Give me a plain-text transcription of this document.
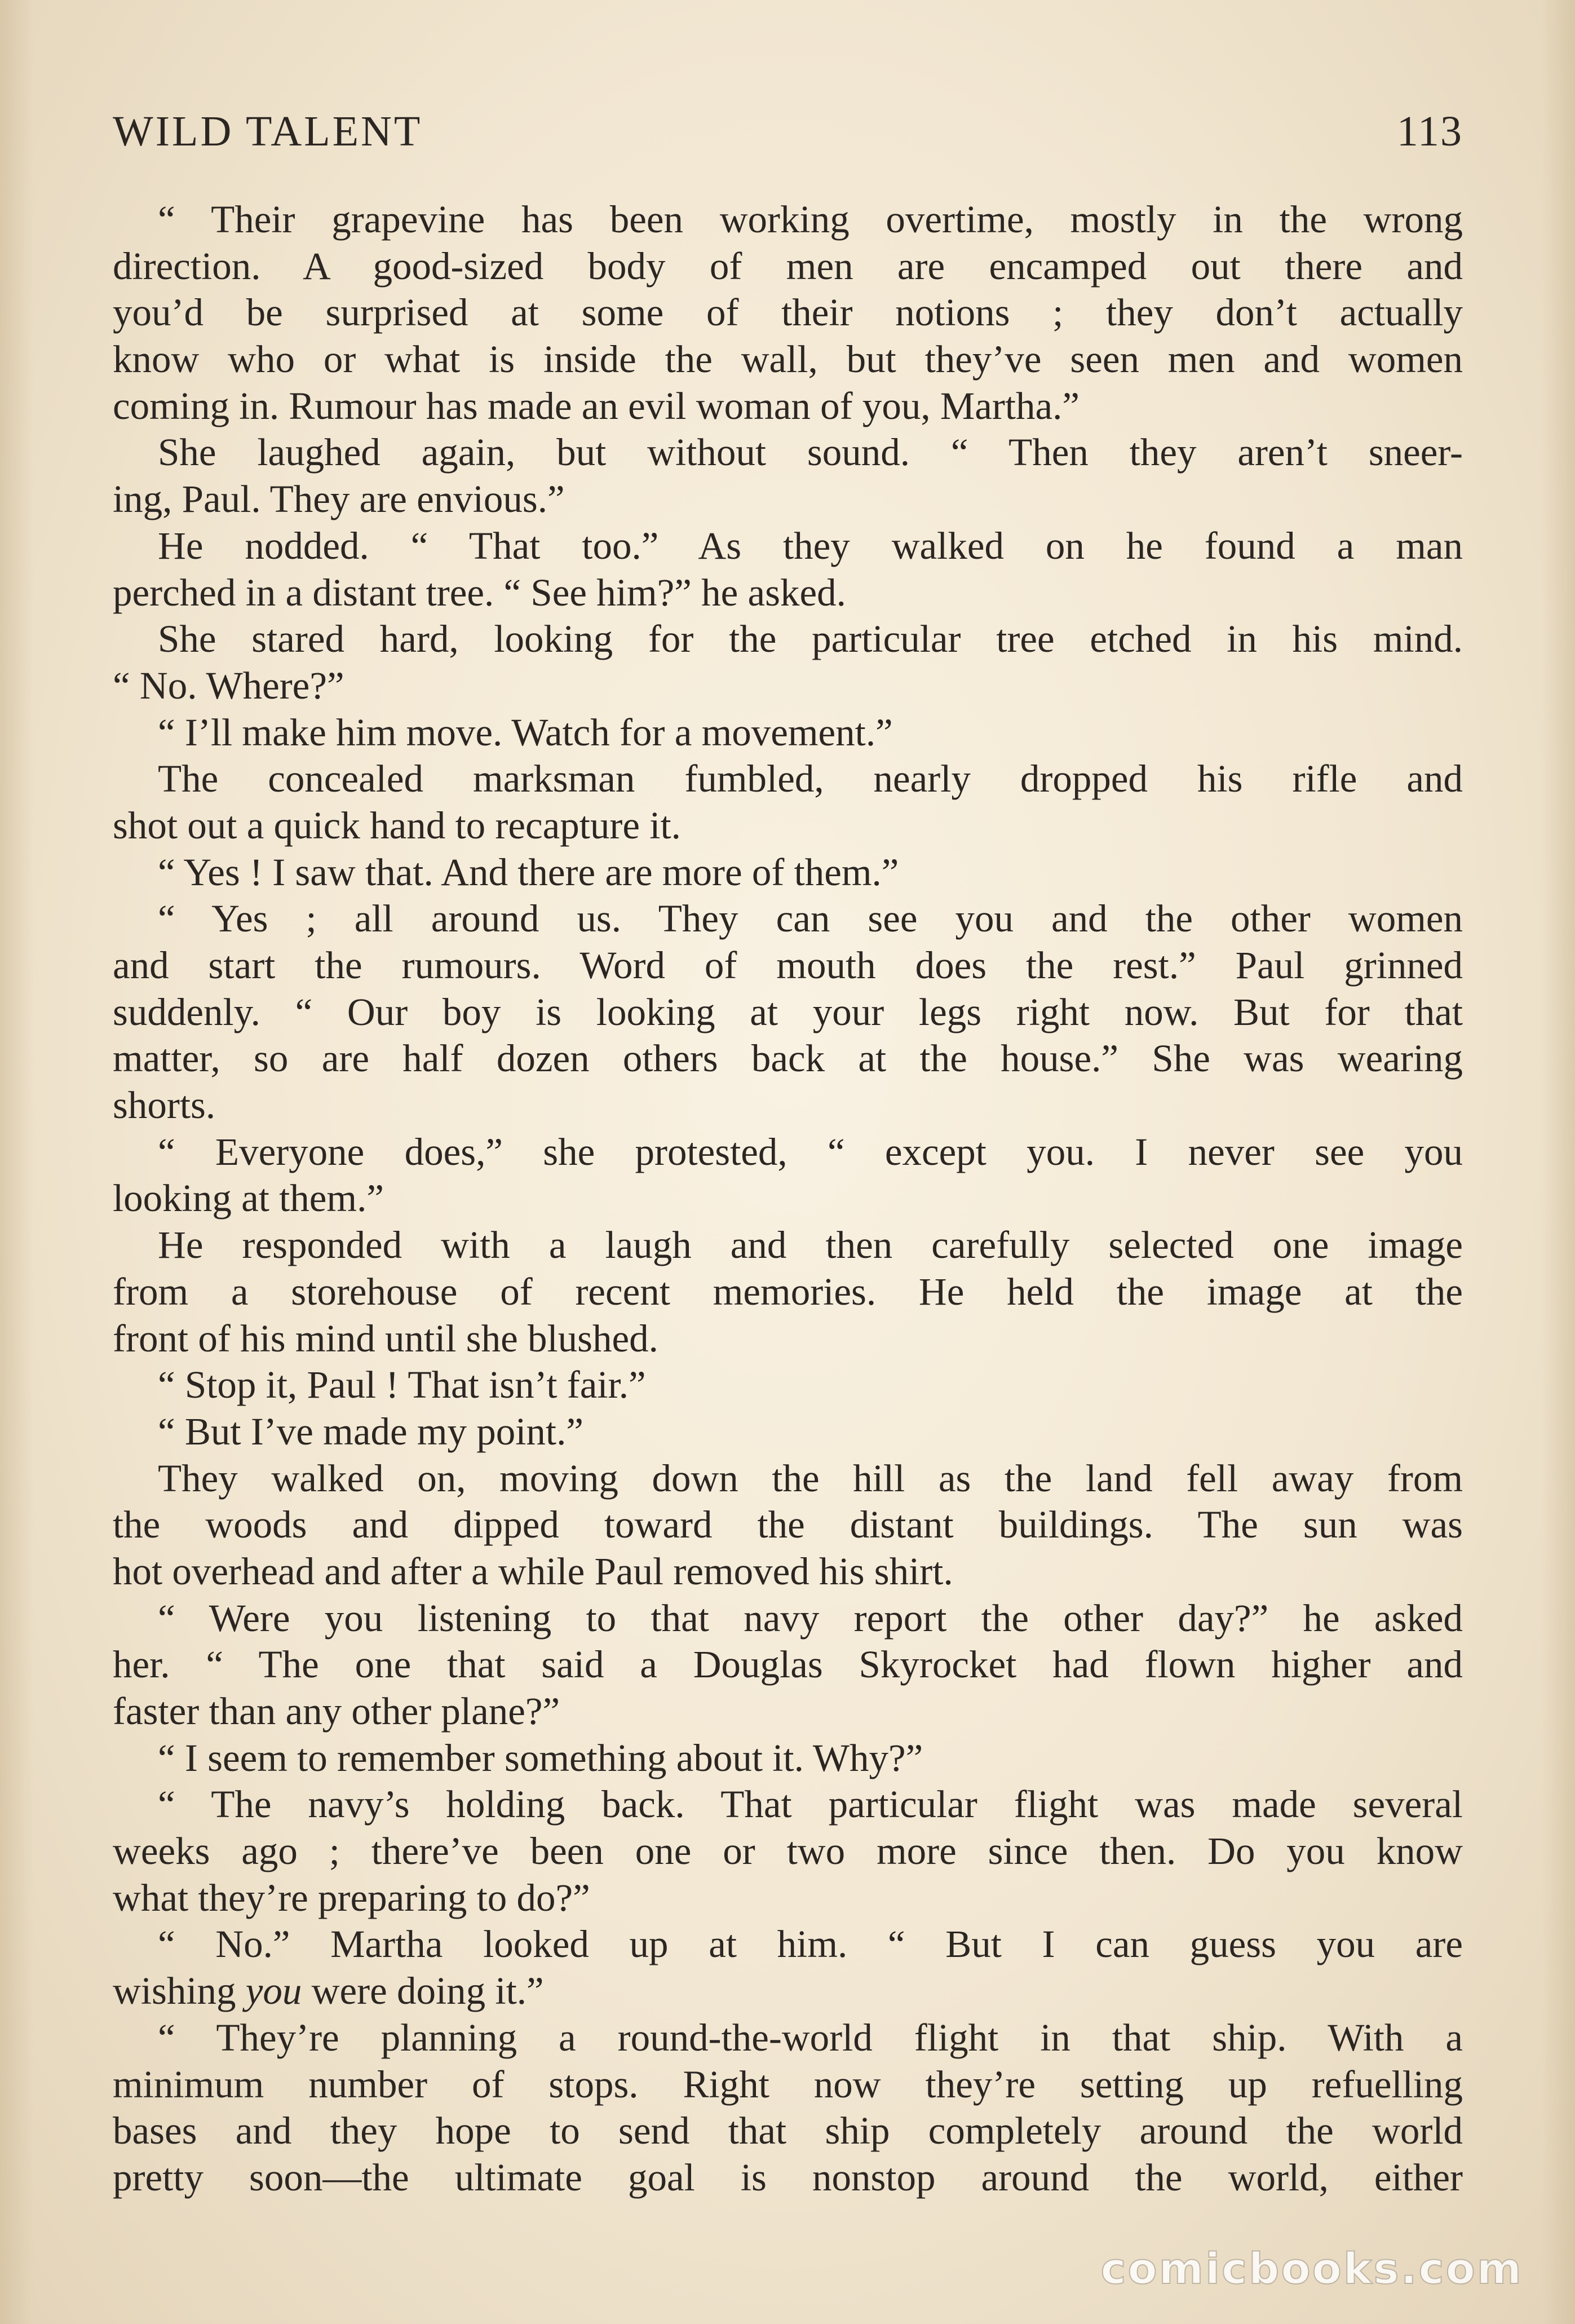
WILD TALENT	113
“ Their grapevine has been working overtime, mostly in the wrong
direction. A good-sized body of men are encamped out there and
you’d be surprised at some of their notions ; they don’t actually
know who or what is inside the wall, but they’ve seen men and women
coming in. Rumour has made an evil woman of you, Martha.”
She laughed again, but without sound. “ Then they aren’t sneer-
ing, Paul. They are envious.”
He nodded. “ That too.” As they walked on he found a man
perched in a distant tree. “ See him?” he asked.
She stared hard, looking for the particular tree etched in his mind.
“ No. Where?”
“ I’ll make him move. Watch for a movement.”
The concealed marksman fumbled, nearly dropped his rifle and
shot out a quick hand to recapture it.
“ Yes ! I saw that. And there are more of them.”
“ Yes ; all around us. They can see you and the other women
and start the rumours. Word of mouth does the rest.” Paul grinned
suddenly. “ Our boy is looking at your legs right now. But for that
matter, so are half dozen others back at the house.” She was wearing
shorts.
“ Everyone does,” she protested, “ except you. I never see you
looking at them.”
He responded with a laugh and then carefully selected one image
from a storehouse of recent memories. He held the image at the
front of his mind until she blushed.
“ Stop it, Paul ! That isn’t fair.”
“ But I’ve made my point.”
They walked on, moving down the hill as the land fell away from
the woods and dipped toward the distant buildings. The sun was
hot overhead and after a while Paul removed his shirt.
“ Were you listening to that navy report the other day?” he asked
her. “ The one that said a Douglas Skyrocket had flown higher and
faster than any other plane?”
“ I seem to remember something about it. Why?”
“ The navy’s holding back. That particular flight was made several
weeks ago ; there’ve been one or two more since then. Do you know
what they’re preparing to do?”
“ No.” Martha looked up at him. “ But I can guess you are
wishing you were doing it.”
“ They’re planning a round-the-world flight in that ship. With a
minimum number of stops. Right now they’re setting up refuelling
bases and they hope to send that ship completely around the world
pretty soon—the ultimate goal is nonstop around the world, either
comicbooks.com
